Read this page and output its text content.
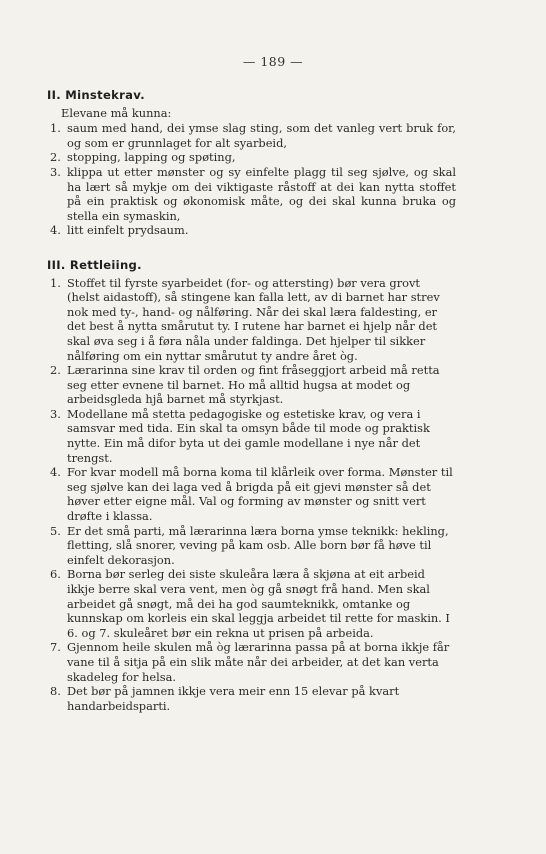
— 189 —
II. Minstekrav.
Elevane må kunna:
1. saum med hand, dei ymse slag sting, som det vanleg vert bruk for, og som er grunnlaget for alt syarbeid,
2. stopping, lapping og spøting,
3. klippa ut etter mønster og sy einfelte plagg til seg sjølve, og skal ha lært så mykje om dei viktigaste råstoff at dei kan nytta stoffet på ein praktisk og økonomisk måte, og dei skal kunna bruka og stella ein symaskin,
4. litt einfelt prydsaum.
III. Rettleiing.
1. Stoffet til fyrste syarbeidet (for- og attersting) bør vera grovt (helst aidastoff), så stingene kan falla lett, av di barnet har strev nok med ty-, hand- og nålføring. Når dei skal læra faldesting, er det best å nytta smårutut ty. I rutene har barnet ei hjelp når det skal øva seg i å føra nåla under faldinga. Det hjelper til sikker nålføring om ein nyttar smårutut ty andre året òg.
2. Lærarinna sine krav til orden og fint fråseggjort arbeid må retta seg etter evnene til barnet. Ho må alltid hugsa at modet og arbeidsgleda hjå barnet må styrkjast.
3. Modellane må stetta pedagogiske og estetiske krav, og vera i samsvar med tida. Ein skal ta omsyn både til mode og praktisk nytte. Ein må difor byta ut dei gamle modellane i nye når det trengst.
4. For kvar modell må borna koma til klårleik over forma. Mønster til seg sjølve kan dei laga ved å brigda på eit gjevi mønster så det høver etter eigne mål. Val og forming av mønster og snitt vert drøfte i klassa.
5. Er det små parti, må lærarinna læra borna ymse teknikk: hekling, fletting, slå snorer, veving på kam osb. Alle born bør få høve til einfelt dekorasjon.
6. Borna bør serleg dei siste skuleåra læra å skjøna at eit arbeid ikkje berre skal vera vent, men òg gå snøgt frå hand. Men skal arbeidet gå snøgt, må dei ha god saumteknikk, omtanke og kunnskap om korleis ein skal leggja arbeidet til rette for maskin. I 6. og 7. skuleåret bør ein rekna ut prisen på arbeida.
7. Gjennom heile skulen må òg lærarinna passa på at borna ikkje får vane til å sitja på ein slik måte når dei arbeider, at det kan verta skadeleg for helsa.
8. Det bør på jamnen ikkje vera meir enn 15 elevar på kvart handarbeidsparti.
